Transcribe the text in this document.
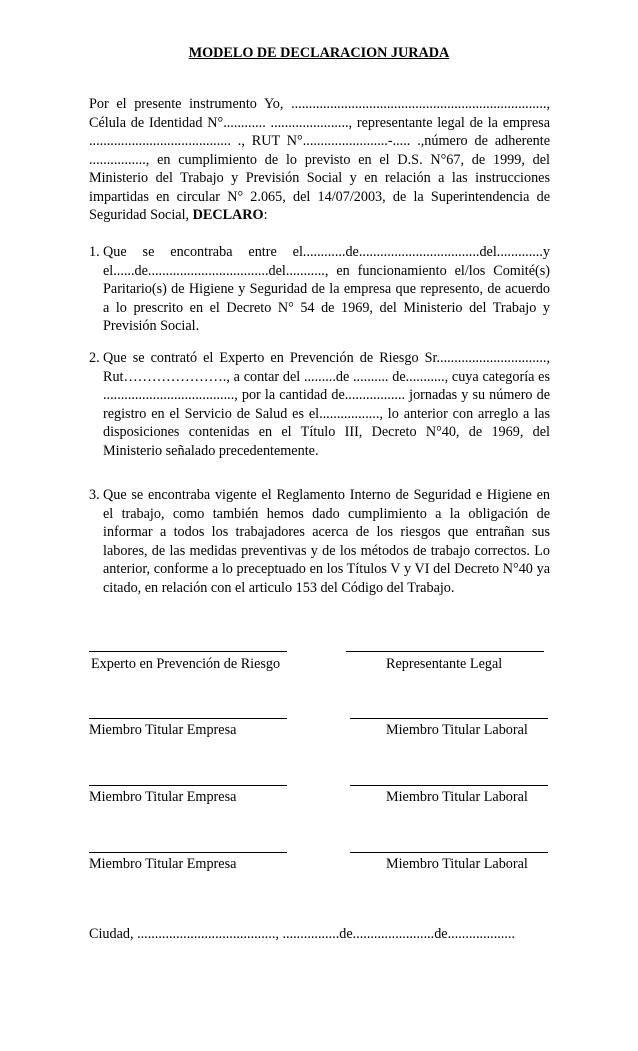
MODELO DE DECLARACION JURADA
Por el presente instrumento Yo, ........................................................................, Célula de Identidad N°............ ......................, representante legal de la empresa ........................................ ., RUT N°........................-..... .,número de adherente ................, en cumplimiento de lo previsto en el D.S. N°67, de 1999, del Ministerio del Trabajo y Previsión Social y en relación a las instrucciones impartidas en circular N° 2.065, del 14/07/2003, de la Superintendencia de Seguridad Social, DECLARO:
1. Que se encontraba entre el............de..................................del.............y el......de..................................del..........., en funcionamiento el/los Comité(s) Paritario(s) de Higiene y Seguridad de la empresa que represento, de acuerdo a lo prescrito en el Decreto N° 54 de 1969, del Ministerio del Trabajo y Previsión Social.
2. Que se contrató el Experto en Prevención de Riesgo Sr..............................., Rut…………………., a contar del .........de .......... de..........., cuya categoría es ....................................., por la cantidad de................. jornadas y su número de registro en el Servicio de Salud es el................., lo anterior con arreglo a las disposiciones contenidas en el Título III, Decreto N°40, de 1969, del Ministerio señalado precedentemente.
3. Que se encontraba vigente el Reglamento Interno de Seguridad e Higiene en el trabajo, como también hemos dado cumplimiento a la obligación de informar a todos los trabajadores acerca de los riesgos que entrañan sus labores, de las medidas preventivas y de los métodos de trabajo correctos. Lo anterior, conforme a lo preceptuado en los Títulos V y VI del Decreto N°40 ya citado, en relación con el articulo 153 del Código del Trabajo.
Experto en Prevención de Riesgo	Representante Legal
Miembro Titular Empresa	Miembro Titular Laboral
Miembro Titular Empresa	Miembro Titular Laboral
Miembro Titular Empresa	Miembro Titular Laboral
Ciudad, ......................................., ................de.......................de...................
